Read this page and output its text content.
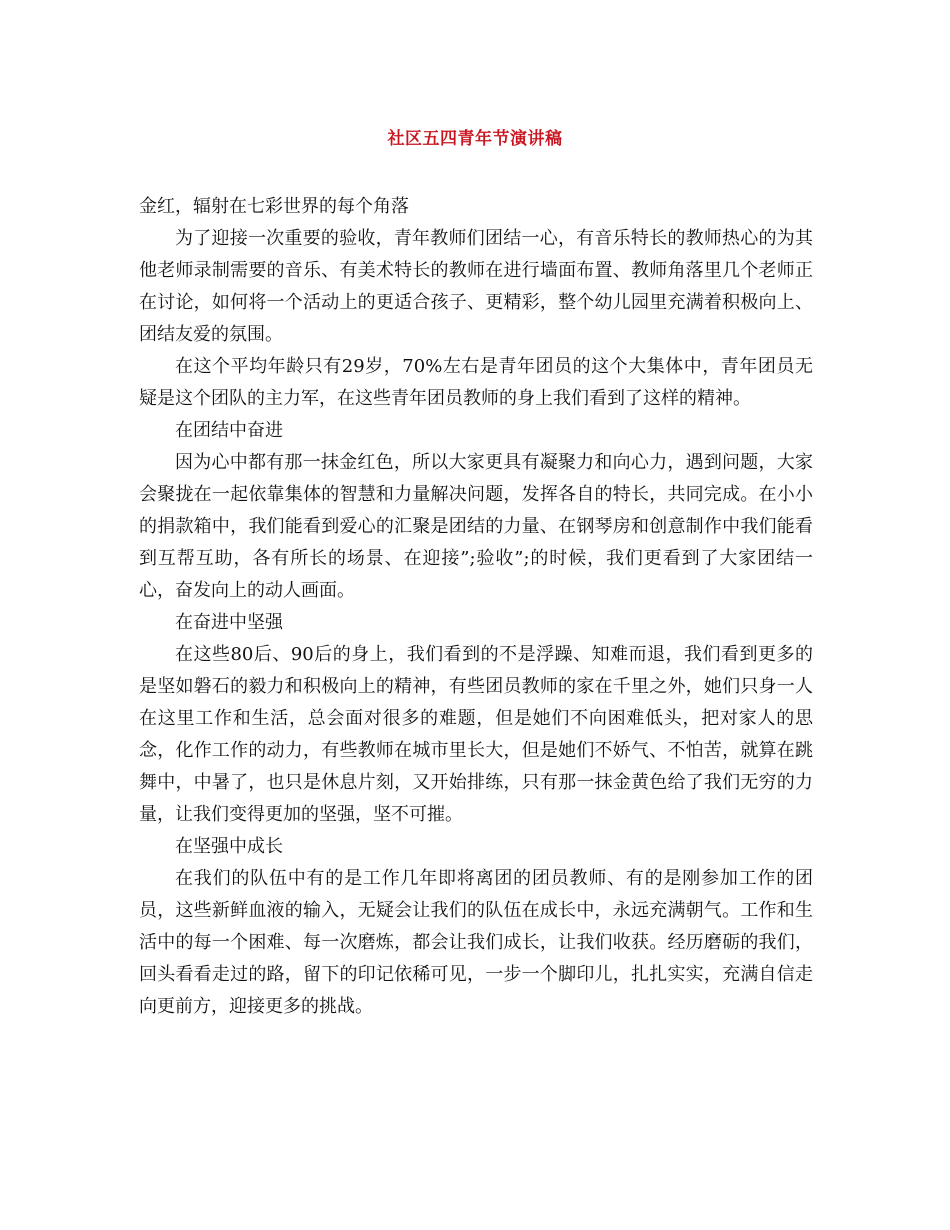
社区五四青年节演讲稿

金红，辐射在七彩世界的每个角落

为了迎接一次重要的验收，青年教师们团结一心，有音乐特长的教师热心的为其他老师录制需要的音乐、有美术特长的教师在进行墙面布置、教师角落里几个老师正在讨论，如何将一个活动上的更适合孩子、更精彩，整个幼儿园里充满着积极向上、团结友爱的氛围。

在这个平均年龄只有29岁，70%左右是青年团员的这个大集体中，青年团员无疑是这个团队的主力军，在这些青年团员教师的身上我们看到了这样的精神。

在团结中奋进

因为心中都有那一抹金红色，所以大家更具有凝聚力和向心力，遇到问题，大家会聚拢在一起依靠集体的智慧和力量解决问题，发挥各自的特长，共同完成。在小小的捐款箱中，我们能看到爱心的汇聚是团结的力量、在钢琴房和创意制作中我们能看到互帮互助，各有所长的场景、在迎接”;验收”;的时候，我们更看到了大家团结一心，奋发向上的动人画面。

在奋进中坚强

在这些80后、90后的身上，我们看到的不是浮躁、知难而退，我们看到更多的是坚如磐石的毅力和积极向上的精神，有些团员教师的家在千里之外，她们只身一人在这里工作和生活，总会面对很多的难题，但是她们不向困难低头，把对家人的思念，化作工作的动力，有些教师在城市里长大，但是她们不娇气、不怕苦，就算在跳舞中，中暑了，也只是休息片刻，又开始排练，只有那一抹金黄色给了我们无穷的力量，让我们变得更加的坚强，坚不可摧。

在坚强中成长

在我们的队伍中有的是工作几年即将离团的团员教师、有的是刚参加工作的团员，这些新鲜血液的输入，无疑会让我们的队伍在成长中，永远充满朝气。工作和生活中的每一个困难、每一次磨炼，都会让我们成长，让我们收获。经历磨砺的我们，回头看看走过的路，留下的印记依稀可见，一步一个脚印儿，扎扎实实，充满自信走向更前方，迎接更多的挑战。
